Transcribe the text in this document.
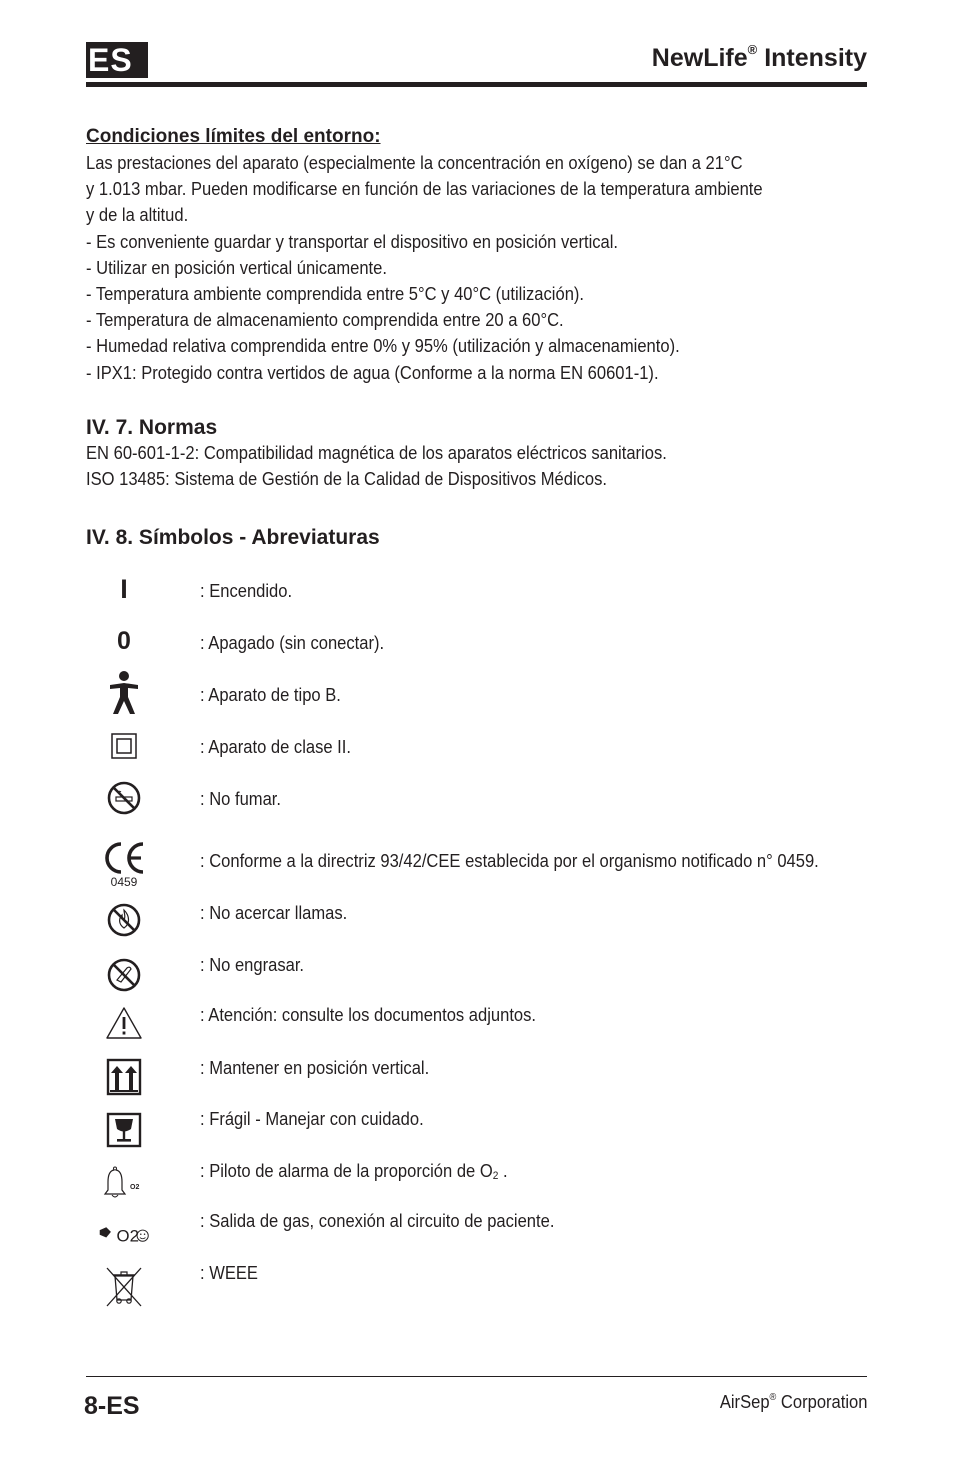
ES	NewLife® Intensity

Condiciones límites del entorno:

Las prestaciones del aparato (especialmente la concentración en oxígeno) se dan a 21°C

y 1.013 mbar. Pueden modificarse en función de las variaciones de la temperatura ambiente

y de la altitud.

- Es conveniente guardar y transportar el dispositivo en posición vertical.

- Utilizar en posición vertical únicamente.

- Temperatura ambiente comprendida entre 5°C y 40°C (utilización).

- Temperatura de almacenamiento comprendida entre 20 a 60°C.

- Humedad relativa comprendida entre 0% y 95% (utilización y almacenamiento).

- IPX1: Protegido contra vertidos de agua (Conforme a la norma EN 60601-1).

IV. 7. Normas

EN 60-601-1-2: Compatibilidad magnética de los aparatos eléctricos sanitarios.

ISO 13485: Sistema de Gestión de la Calidad de Dispositivos Médicos.

IV. 8. Símbolos - Abreviaturas

I	: Encendido.
0	: Apagado (sin conectar).
: Aparato de tipo B.
: Aparato de clase II.
: No fumar.
0459
: Conforme a la directriz 93/42/CEE establecida por el organismo notificado n° 0459.
: No acercar llamas.
: No engrasar.
: Atención: consulte los documentos adjuntos.
: Mantener en posición vertical.
: Frágil - Manejar con cuidado.
O2
: Piloto de alarma de la proporción de O2 .
O2
: Salida de gas, conexión al circuito de paciente.
: WEEE
8-ES	AirSep® Corporation
